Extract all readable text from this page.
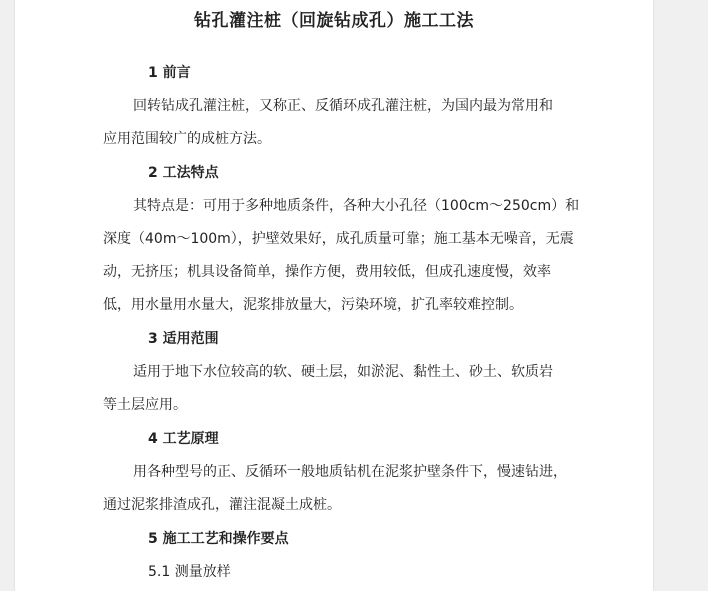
钻孔灌注桩（回旋钻成孔）施工工法
1 前言
回转钻成孔灌注桩，又称正、反循环成孔灌注桩，为国内最为常用和
应用范围较广的成桩方法。
2 工法特点
其特点是：可用于多种地质条件，各种大小孔径（100cm～250cm）和
深度（40m～100m），护壁效果好，成孔质量可靠；施工基本无噪音，无震
动，无挤压；机具设备简单，操作方便，费用较低，但成孔速度慢，效率
低，用水量用水量大，泥浆排放量大，污染环境，扩孔率较难控制。
3 适用范围
适用于地下水位较高的软、硬土层，如淤泥、黏性土、砂土、软质岩
等土层应用。
4 工艺原理
用各种型号的正、反循环一般地质钻机在泥浆护壁条件下，慢速钻进，
通过泥浆排渣成孔，灌注混凝土成桩。
5 施工工艺和操作要点
5.1 测量放样
